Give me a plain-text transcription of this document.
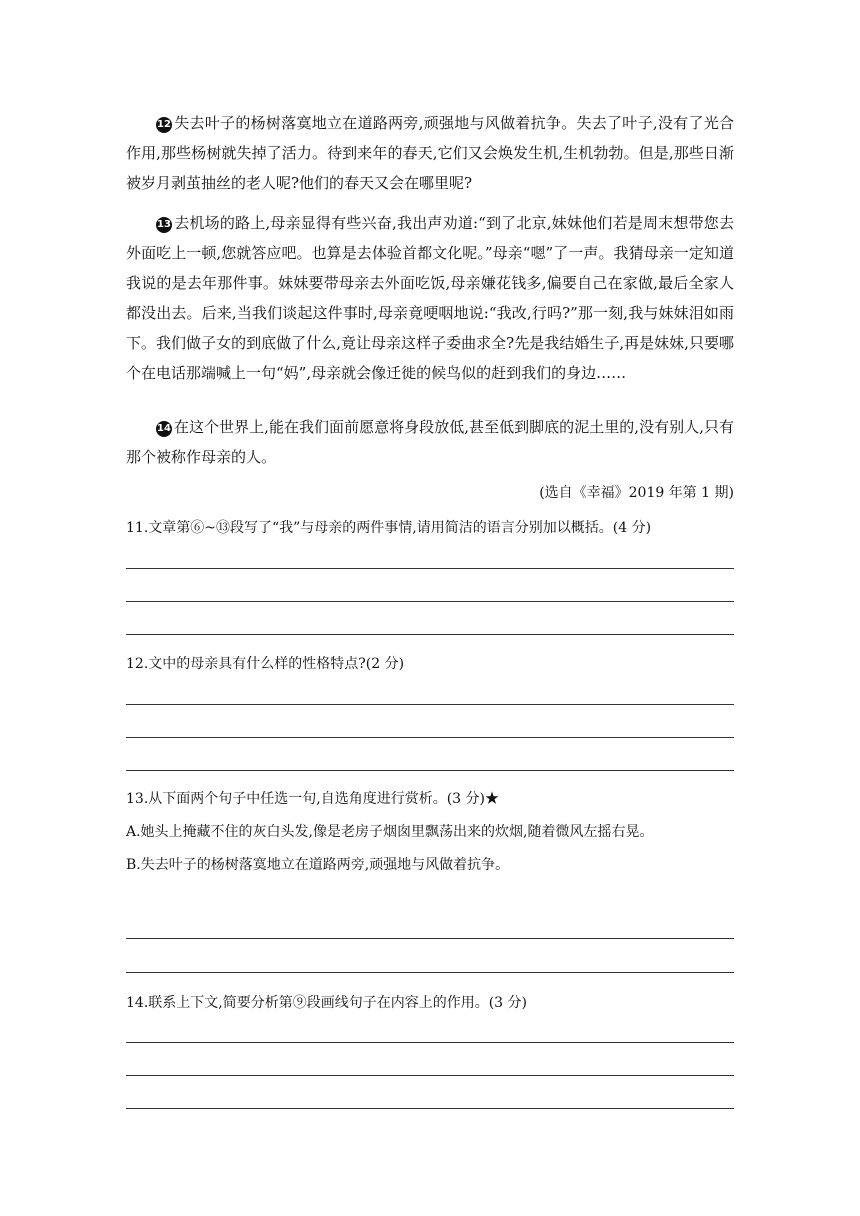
12 失去叶子的杨树落寞地立在道路两旁,顽强地与风做着抗争。失去了叶子,没有了光合作用,那些杨树就失掉了活力。待到来年的春天,它们又会焕发生机,生机勃勃。但是,那些日渐被岁月剥茧抽丝的老人呢?他们的春天又会在哪里呢?

13 去机场的路上,母亲显得有些兴奋,我出声劝道:“到了北京,妹妹他们若是周末想带您去外面吃上一顿,您就答应吧。也算是去体验首都文化呢。”母亲“嗯”了一声。我猜母亲一定知道我说的是去年那件事。妹妹要带母亲去外面吃饭,母亲嫌花钱多,偏要自己在家做,最后全家人都没出去。后来,当我们谈起这件事时,母亲竟哽咽地说:“我改,行吗?”那一刻,我与妹妹泪如雨下。我们做子女的到底做了什么,竟让母亲这样子委曲求全?先是我结婚生子,再是妹妹,只要哪个在电话那端喊上一句“妈”,母亲就会像迁徙的候鸟似的赶到我们的身边……

14 在这个世界上,能在我们面前愿意将身段放低,甚至低到脚底的泥土里的,没有别人,只有那个被称作母亲的人。

(选自《幸福》2019 年第 1 期)
11.文章第⑥~⑬段写了“我”与母亲的两件事情,请用简洁的语言分别加以概括。(4 分)
12.文中的母亲具有什么样的性格特点?(2 分)
13.从下面两个句子中任选一句,自选角度进行赏析。(3 分)★
A.她头上掩藏不住的灰白头发,像是老房子烟囱里飘荡出来的炊烟,随着微风左摇右晃。
B.失去叶子的杨树落寞地立在道路两旁,顽强地与风做着抗争。
14.联系上下文,简要分析第⑨段画线句子在内容上的作用。(3 分)
